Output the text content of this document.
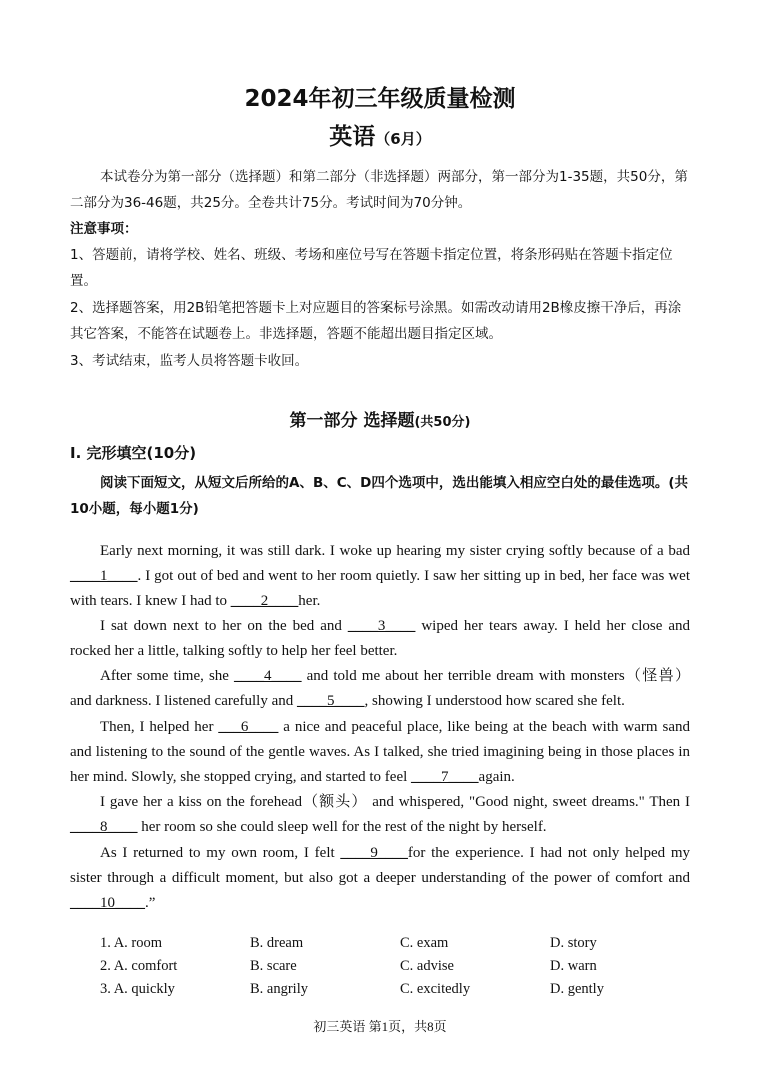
2024年初三年级质量检测
英语（6月）
本试卷分为第一部分（选择题）和第二部分（非选择题）两部分，第一部分为1-35题，共50分，第二部分为36-46题，共25分。全卷共计75分。考试时间为70分钟。
注意事项：
1、答题前，请将学校、姓名、班级、考场和座位号写在答题卡指定位置，将条形码贴在答题卡指定位置。
2、选择题答案，用2B铅笔把答题卡上对应题目的答案标号涂黑。如需改动请用2B橡皮擦干净后，再涂其它答案，不能答在试题卷上。非选择题，答题不能超出题目指定区域。
3、考试结束，监考人员将答题卡收回。
第一部分 选择题(共50分)
I. 完形填空(10分)
阅读下面短文，从短文后所给的A、B、C、D四个选项中，选出能填入相应空白处的最佳选项。(共10小题，每小题1分)
Early next morning, it was still dark. I woke up hearing my sister crying softly because of a bad ____1____. I got out of bed and went to her room quietly. I saw her sitting up in bed, her face was wet with tears. I knew I had to ____2____her.
I sat down next to her on the bed and ____3____ wiped her tears away. I held her close and rocked her a little, talking softly to help her feel better.
After some time, she ____4____ and told me about her terrible dream with monsters（怪兽） and darkness. I listened carefully and ____5____, showing I understood how scared she felt.
Then, I helped her ___6____ a nice and peaceful place, like being at the beach with warm sand and listening to the sound of the gentle waves. As I talked, she tried imagining being in those places in her mind. Slowly, she stopped crying, and started to feel ____7____again.
I gave her a kiss on the forehead（额头） and whispered, "Good night, sweet dreams." Then I ____8____ her room so she could sleep well for the rest of the night by herself.
As I returned to my own room, I felt ____9____for the experience. I had not only helped my sister through a difficult moment, but also got a deeper understanding of the power of comfort and ____10____.”
1. A. room	B. dream	C. exam	D. story
2. A. comfort	B. scare	C. advise	D. warn
3. A. quickly	B. angrily	C. excitedly	D. gently
初三英语 第1页，共8页
